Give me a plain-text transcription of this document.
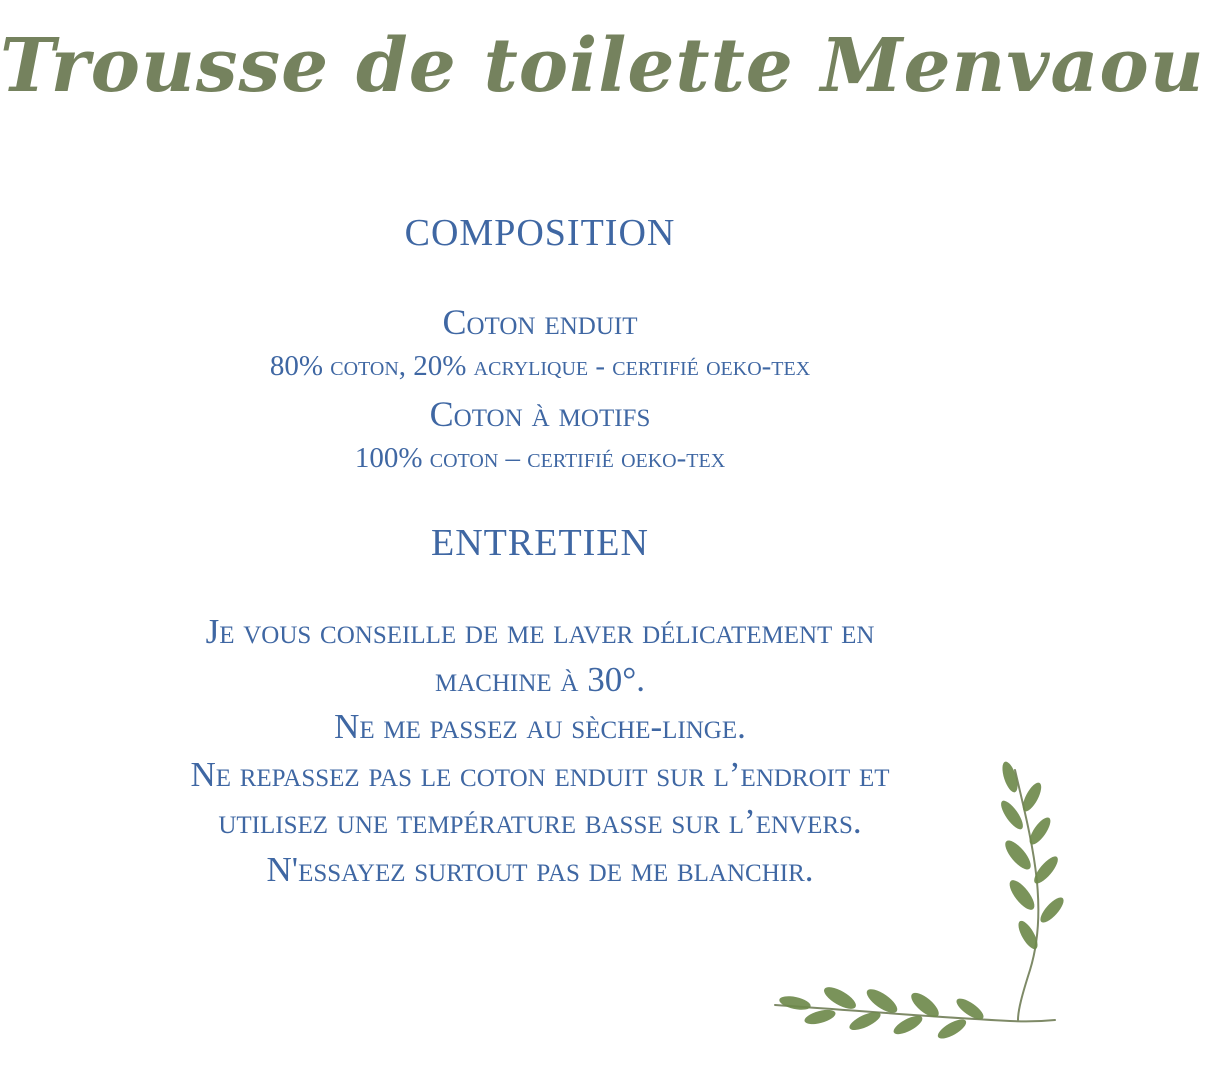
Trousse de toilette Menvaou
COMPOSITION
Coton enduit
80% coton, 20% acrylique - certifié oeko-tex
Coton à motifs
100% coton – certifié oeko-tex
ENTRETIEN
Je vous conseille de me laver délicatement en
machine à 30°.
Ne me passez au sèche-linge.
Ne repassez pas le coton enduit sur l’endroit et
utilisez une température basse sur l’envers.
N'essayez surtout pas de me blanchir.
